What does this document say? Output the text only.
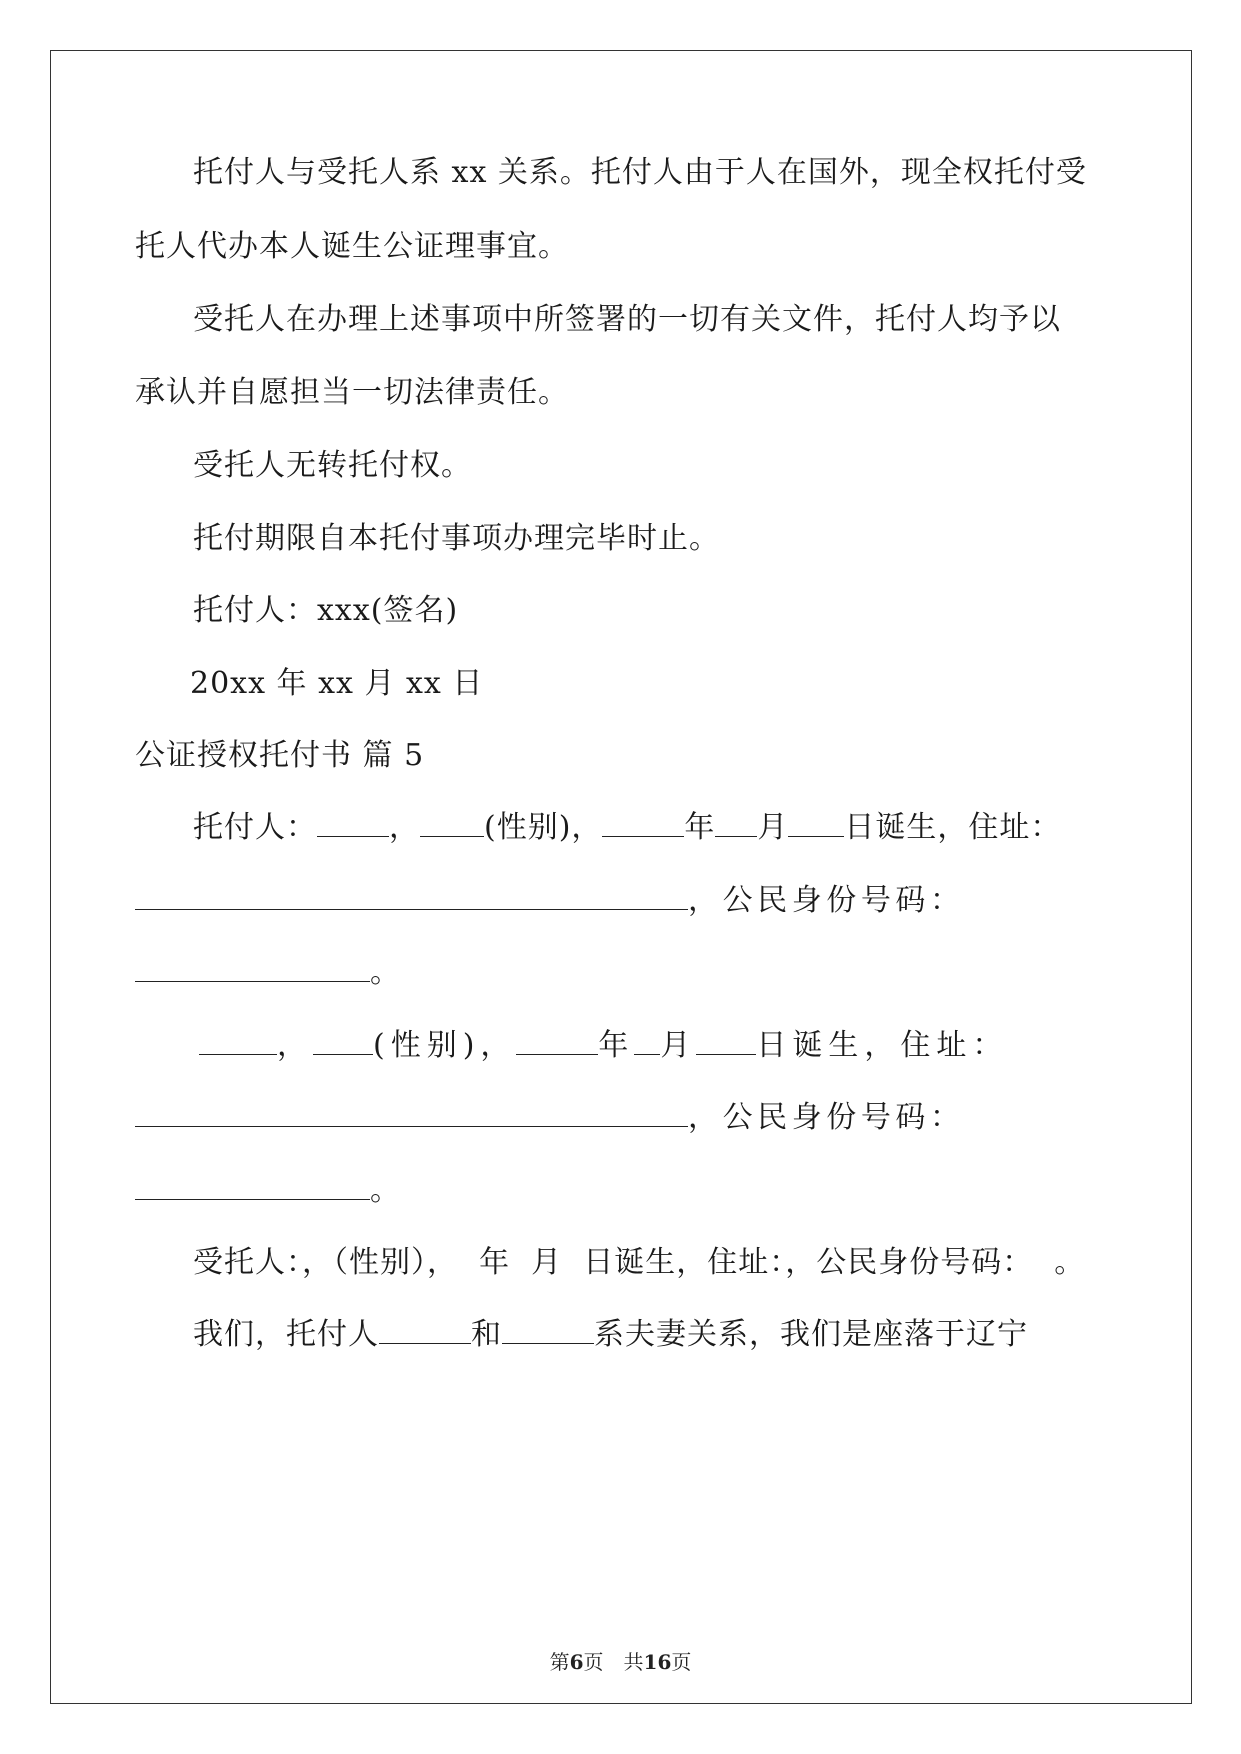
托付人与受托人系 xx 关系。托付人由于人在国外，现全权托付受
托人代办本人诞生公证理事宜。
受托人在办理上述事项中所签署的一切有关文件，托付人均予以
承认并自愿担当一切法律责任。
受托人无转托付权。
托付期限自本托付事项办理完毕时止。
托付人：xxx(签名)
20xx 年 xx 月 xx 日
公证授权托付书 篇 5
托付人： ， (性别)，	年 月 日诞生，住址：
， 公 民 身 份 号 码 ：
。
， (性别)，	年 月 日诞生，住址：
， 公 民 身 份 号 码 ：
。
受托人：，（性别），  年  月  日诞生，住址：，公民身份号码：  。
我们，托付人	和	系夫妻关系，我们是座落于辽宁
第6页　共16页
